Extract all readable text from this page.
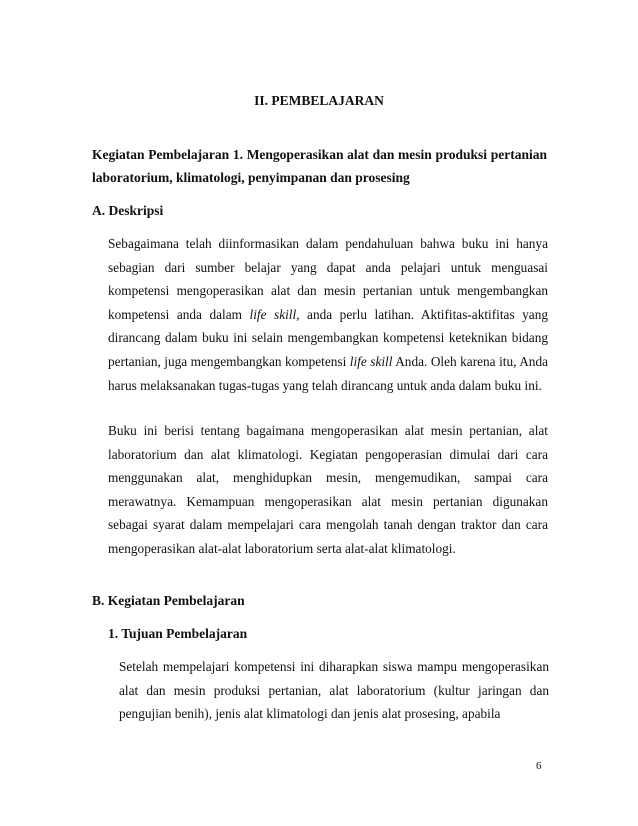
II. PEMBELAJARAN
Kegiatan Pembelajaran 1. Mengoperasikan alat dan mesin produksi pertanian laboratorium, klimatologi, penyimpanan dan prosesing
A. Deskripsi
Sebagaimana telah diinformasikan dalam pendahuluan bahwa buku ini hanya sebagian dari sumber belajar yang dapat anda pelajari untuk menguasai kompetensi mengoperasikan alat dan mesin pertanian untuk mengembangkan kompetensi anda dalam life skill, anda perlu latihan. Aktifitas-aktifitas yang dirancang dalam buku ini selain mengembangkan kompetensi keteknikan bidang pertanian, juga mengembangkan kompetensi life skill Anda. Oleh karena itu, Anda harus melaksanakan tugas-tugas yang telah dirancang untuk anda dalam buku ini.
Buku ini berisi tentang bagaimana mengoperasikan alat mesin pertanian, alat laboratorium dan alat klimatologi. Kegiatan pengoperasian dimulai dari cara menggunakan alat, menghidupkan mesin, mengemudikan, sampai cara merawatnya. Kemampuan mengoperasikan alat mesin pertanian digunakan sebagai syarat dalam mempelajari cara mengolah tanah dengan traktor dan cara mengoperasikan alat-alat laboratorium serta alat-alat klimatologi.
B. Kegiatan Pembelajaran
1. Tujuan Pembelajaran
Setelah mempelajari kompetensi ini diharapkan siswa mampu mengoperasikan alat dan mesin produksi pertanian, alat laboratorium (kultur jaringan dan pengujian benih), jenis alat klimatologi dan jenis alat prosesing, apabila
6
